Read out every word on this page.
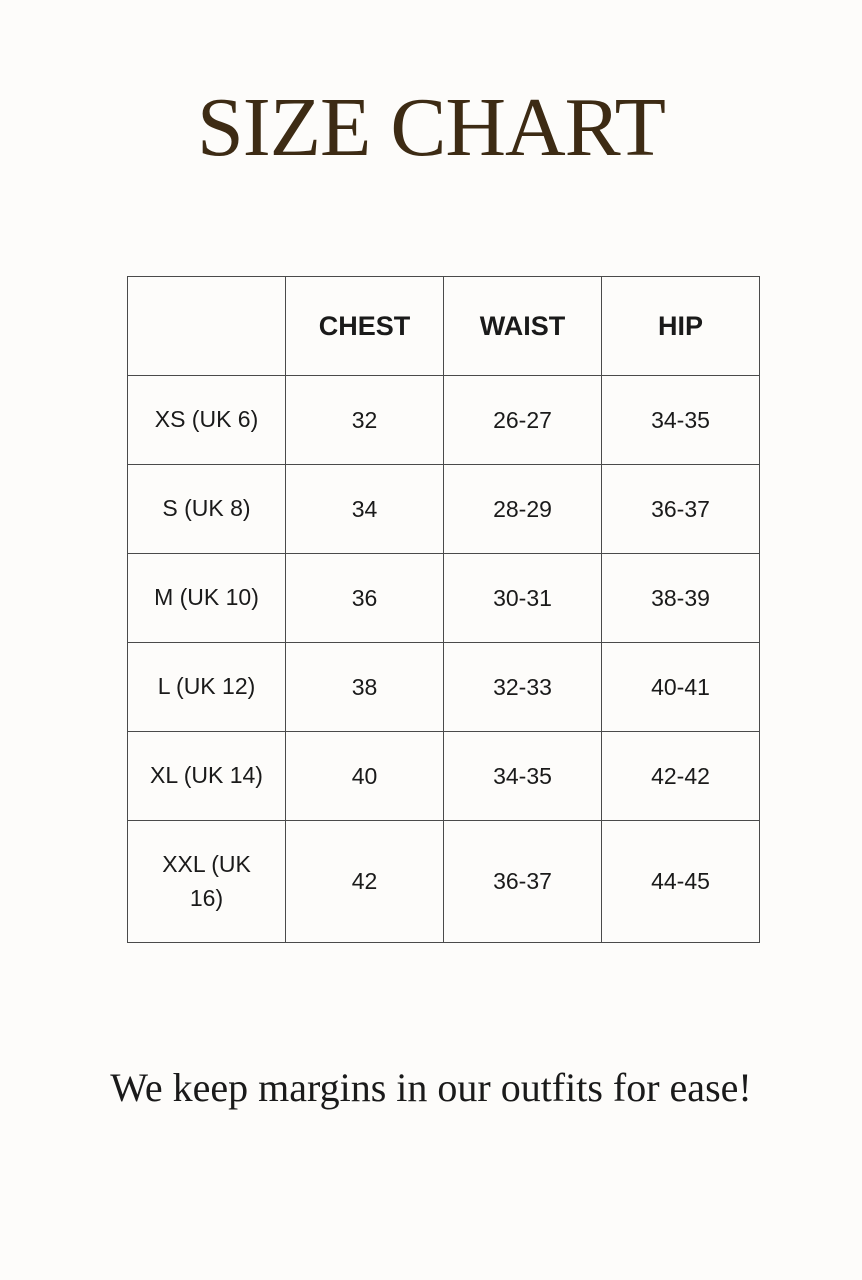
SIZE CHART
	CHEST	WAIST	HIP
XS (UK 6)	32	26-27	34-35
S (UK 8)	34	28-29	36-37
M (UK 10)	36	30-31	38-39
L (UK 12)	38	32-33	40-41
XL (UK 14)	40	34-35	42-42
XXL (UK 16)	42	36-37	44-45

We keep margins in our outfits for ease!
